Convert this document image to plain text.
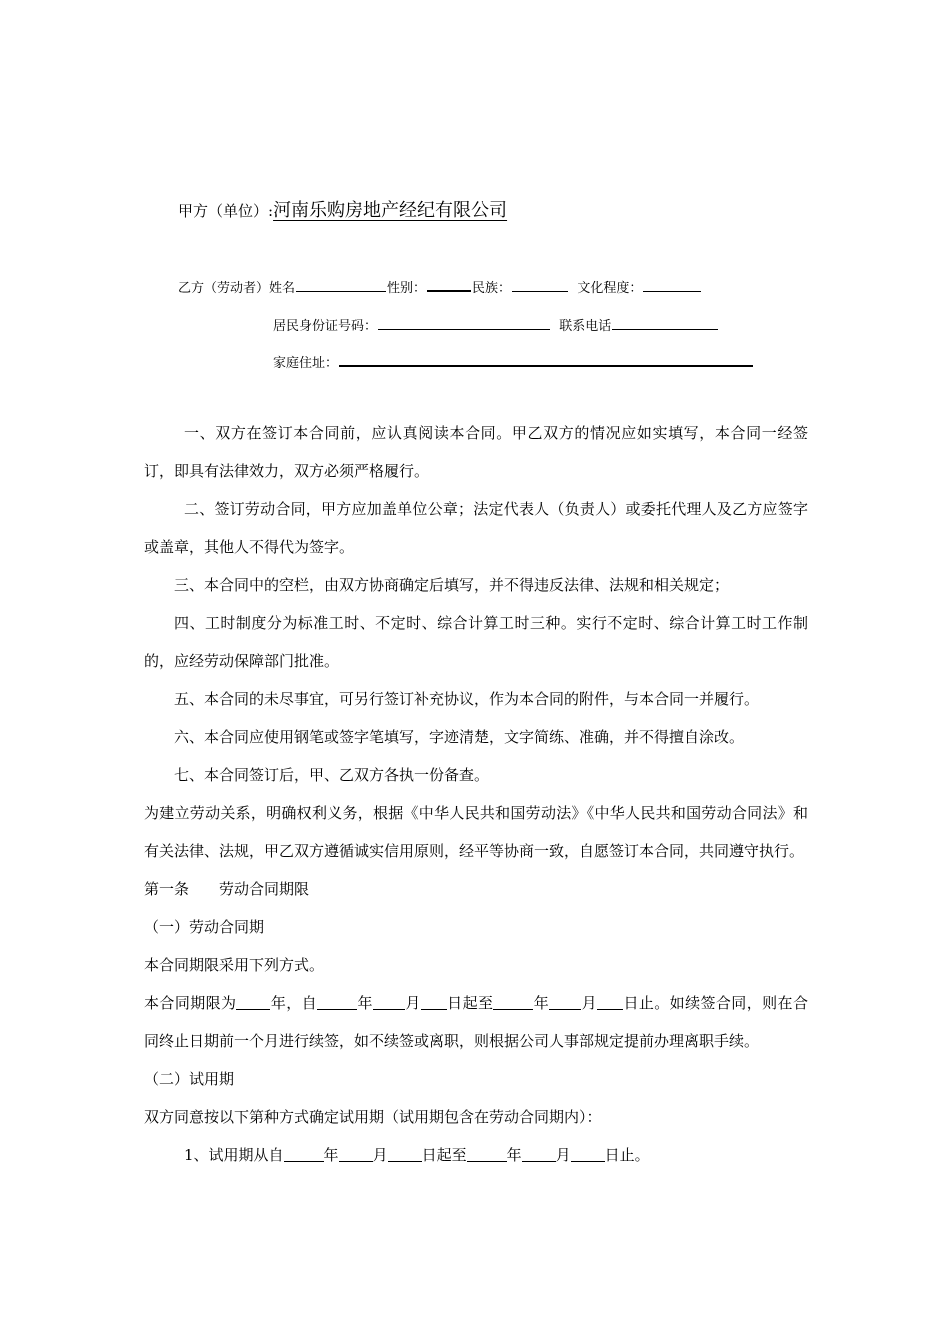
甲方（单位）:河南乐购房地产经纪有限公司
乙方（劳动者）姓名	性别：	民族：	文化程度：
居民身份证号码：	联系电话
家庭住址：

一、双方在签订本合同前，应认真阅读本合同。甲乙双方的情况应如实填写，本合同一经签订，即具有法律效力，双方必须严格履行。

二、签订劳动合同，甲方应加盖单位公章；法定代表人（负责人）或委托代理人及乙方应签字或盖章，其他人不得代为签字。

三、本合同中的空栏，由双方协商确定后填写，并不得违反法律、法规和相关规定；

四、工时制度分为标准工时、不定时、综合计算工时三种。实行不定时、综合计算工时工作制的，应经劳动保障部门批准。

五、本合同的未尽事宜，可另行签订补充协议，作为本合同的附件，与本合同一并履行。

六、本合同应使用钢笔或签字笔填写，字迹清楚，文字简练、准确，并不得擅自涂改。

七、本合同签订后，甲、乙双方各执一份备查。

为建立劳动关系，明确权利义务，根据《中华人民共和国劳动法》《中华人民共和国劳动合同法》和有关法律、法规，甲乙双方遵循诚实信用原则，经平等协商一致，自愿签订本合同，共同遵守执行。

第一条　　劳动合同期限

（一）劳动合同期

本合同期限采用下列方式。

本合同期限为 年，自	年 月 日起至	年 月 日止。如续签合同，则在合同终止日期前一个月进行续签，如不续签或离职，则根据公司人事部规定提前办理离职手续。

（二）试用期

双方同意按以下第种方式确定试用期（试用期包含在劳动合同期内）：

1、试用期从自	年 月 日起至	年 月 日止。
